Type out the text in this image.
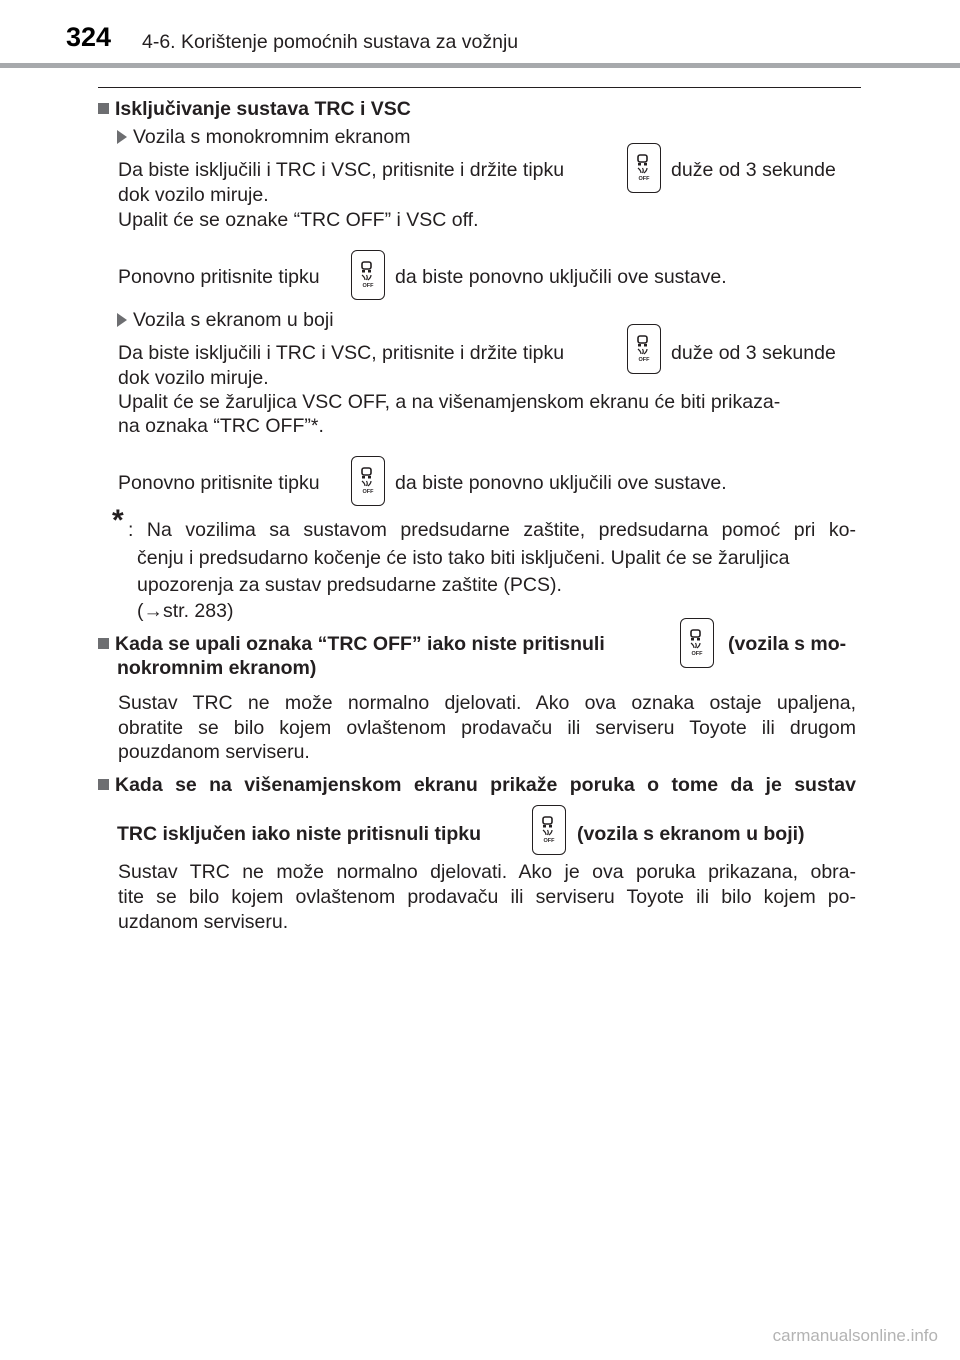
324 4-6. Korištenje pomoćnih sustava za vožnju
Isključivanje sustava TRC i VSC
Vozila s monokromnim ekranom
Da biste isključili i TRC i VSC, pritisnite i držite tipku	OFF duže od 3 sekunde
dok vozilo miruje.
Upalit će se oznake “TRC OFF” i VSC off.
Ponovno pritisnite tipku	OFF da biste ponovno uključili ove sustave.
Vozila s ekranom u boji
Da biste isključili i TRC i VSC, pritisnite i držite tipku	OFF duže od 3 sekunde
dok vozilo miruje.
Upalit će se žaruljica VSC OFF, a na višenamjenskom ekranu će biti prikaza-
na oznaka “TRC OFF”*.
Ponovno pritisnite tipku	OFF da biste ponovno uključili ove sustave.
* : Na vozilima sa sustavom predsudarne zaštite, predsudarna pomoć pri ko-
čenju i predsudarno kočenje će isto tako biti isključeni. Upalit će se žaruljica
upozorenja za sustav predsudarne zaštite (PCS).
(→str. 283)
Kada se upali oznaka “TRC OFF” iako niste pritisnuli	OFF (vozila s mo-
nokromnim ekranom)
Sustav TRC ne može normalno djelovati. Ako ova oznaka ostaje upaljena,
obratite se bilo kojem ovlaštenom prodavaču ili serviseru Toyote ili drugom
pouzdanom serviseru.
Kada se na višenamjenskom ekranu prikaže poruka o tome da je sustav
TRC isključen iako niste pritisnuli tipku	OFF (vozila s ekranom u boji)
Sustav TRC ne može normalno djelovati. Ako je ova poruka prikazana, obra-
tite se bilo kojem ovlaštenom prodavaču ili serviseru Toyote ili bilo kojem po-
uzdanom serviseru.
carmanualsonline.info
